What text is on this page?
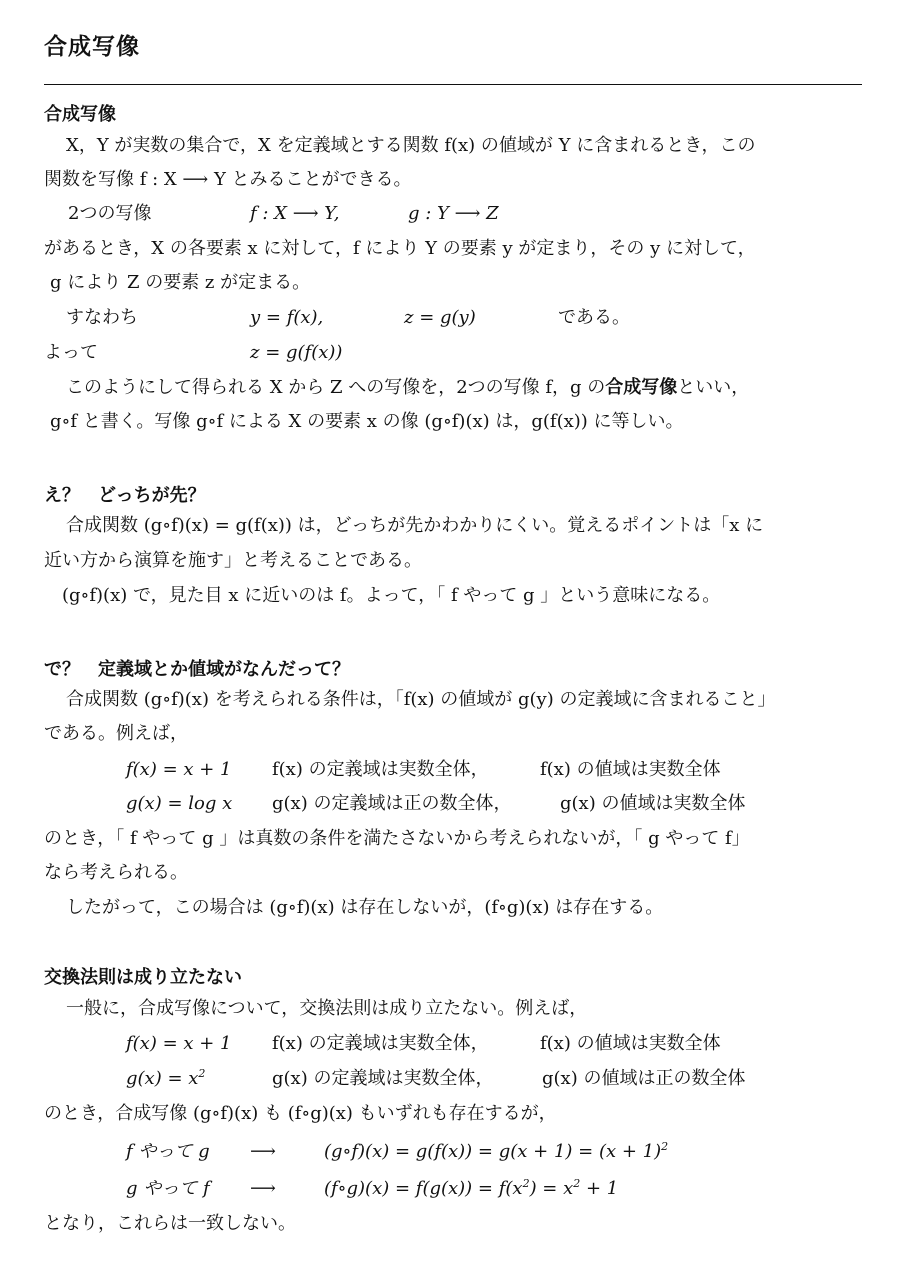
合成写像
合成写像
X，Y が実数の集合で，X を定義域とする関数 f(x) の値域が Y に含まれるとき，この
関数を写像 f : X ⟶ Y とみることができる。
2つの写像	f : X ⟶ Y,	g : Y ⟶ Z
があるとき，X の各要素 x に対して，f により Y の要素 y が定まり，その y に対して，
g により Z の要素 z が定まる。
すなわち	y = f(x),	z = g(y)	である。
よって	z = g(f(x))
このようにして得られる X から Z への写像を，2つの写像 f，g の合成写像といい，
g∘f と書く。写像 g∘f による X の要素 x の像 (g∘f)(x) は，g(f(x)) に等しい。
え？　どっちが先？
合成関数 (g∘f)(x) = g(f(x)) は，どっちが先かわかりにくい。覚えるポイントは「x に
近い方から演算を施す」と考えることである。
(g∘f)(x) で，見た目 x に近いのは f。よって，「 f やって g 」という意味になる。
で？　定義域とか値域がなんだって？
合成関数 (g∘f)(x) を考えられる条件は，「f(x) の値域が g(y) の定義域に含まれること」
である。例えば，
f(x) = x + 1 f(x) の定義域は実数全体，	f(x) の値域は実数全体
g(x) = log x g(x) の定義域は正の数全体，	g(x) の値域は実数全体
のとき，「 f やって g 」は真数の条件を満たさないから考えられないが，「 g やって f」
なら考えられる。
したがって，この場合は (g∘f)(x) は存在しないが，(f∘g)(x) は存在する。
交換法則は成り立たない
一般に，合成写像について，交換法則は成り立たない。例えば，
f(x) = x + 1 f(x) の定義域は実数全体，	f(x) の値域は実数全体
$g(x) = x^2$	g(x) の定義域は実数全体，	g(x) の値域は正の数全体
のとき，合成写像 (g∘f)(x) も (f∘g)(x) もいずれも存在するが，
f やって g ⟶	(g∘f)(x) = $g(f(x)) = g(x + 1) = (x + 1)^2$
g やって f ⟶	(f∘g)(x) = $f(g(x)) = f(x^2) = x^2 + 1$
となり，これらは一致しない。
